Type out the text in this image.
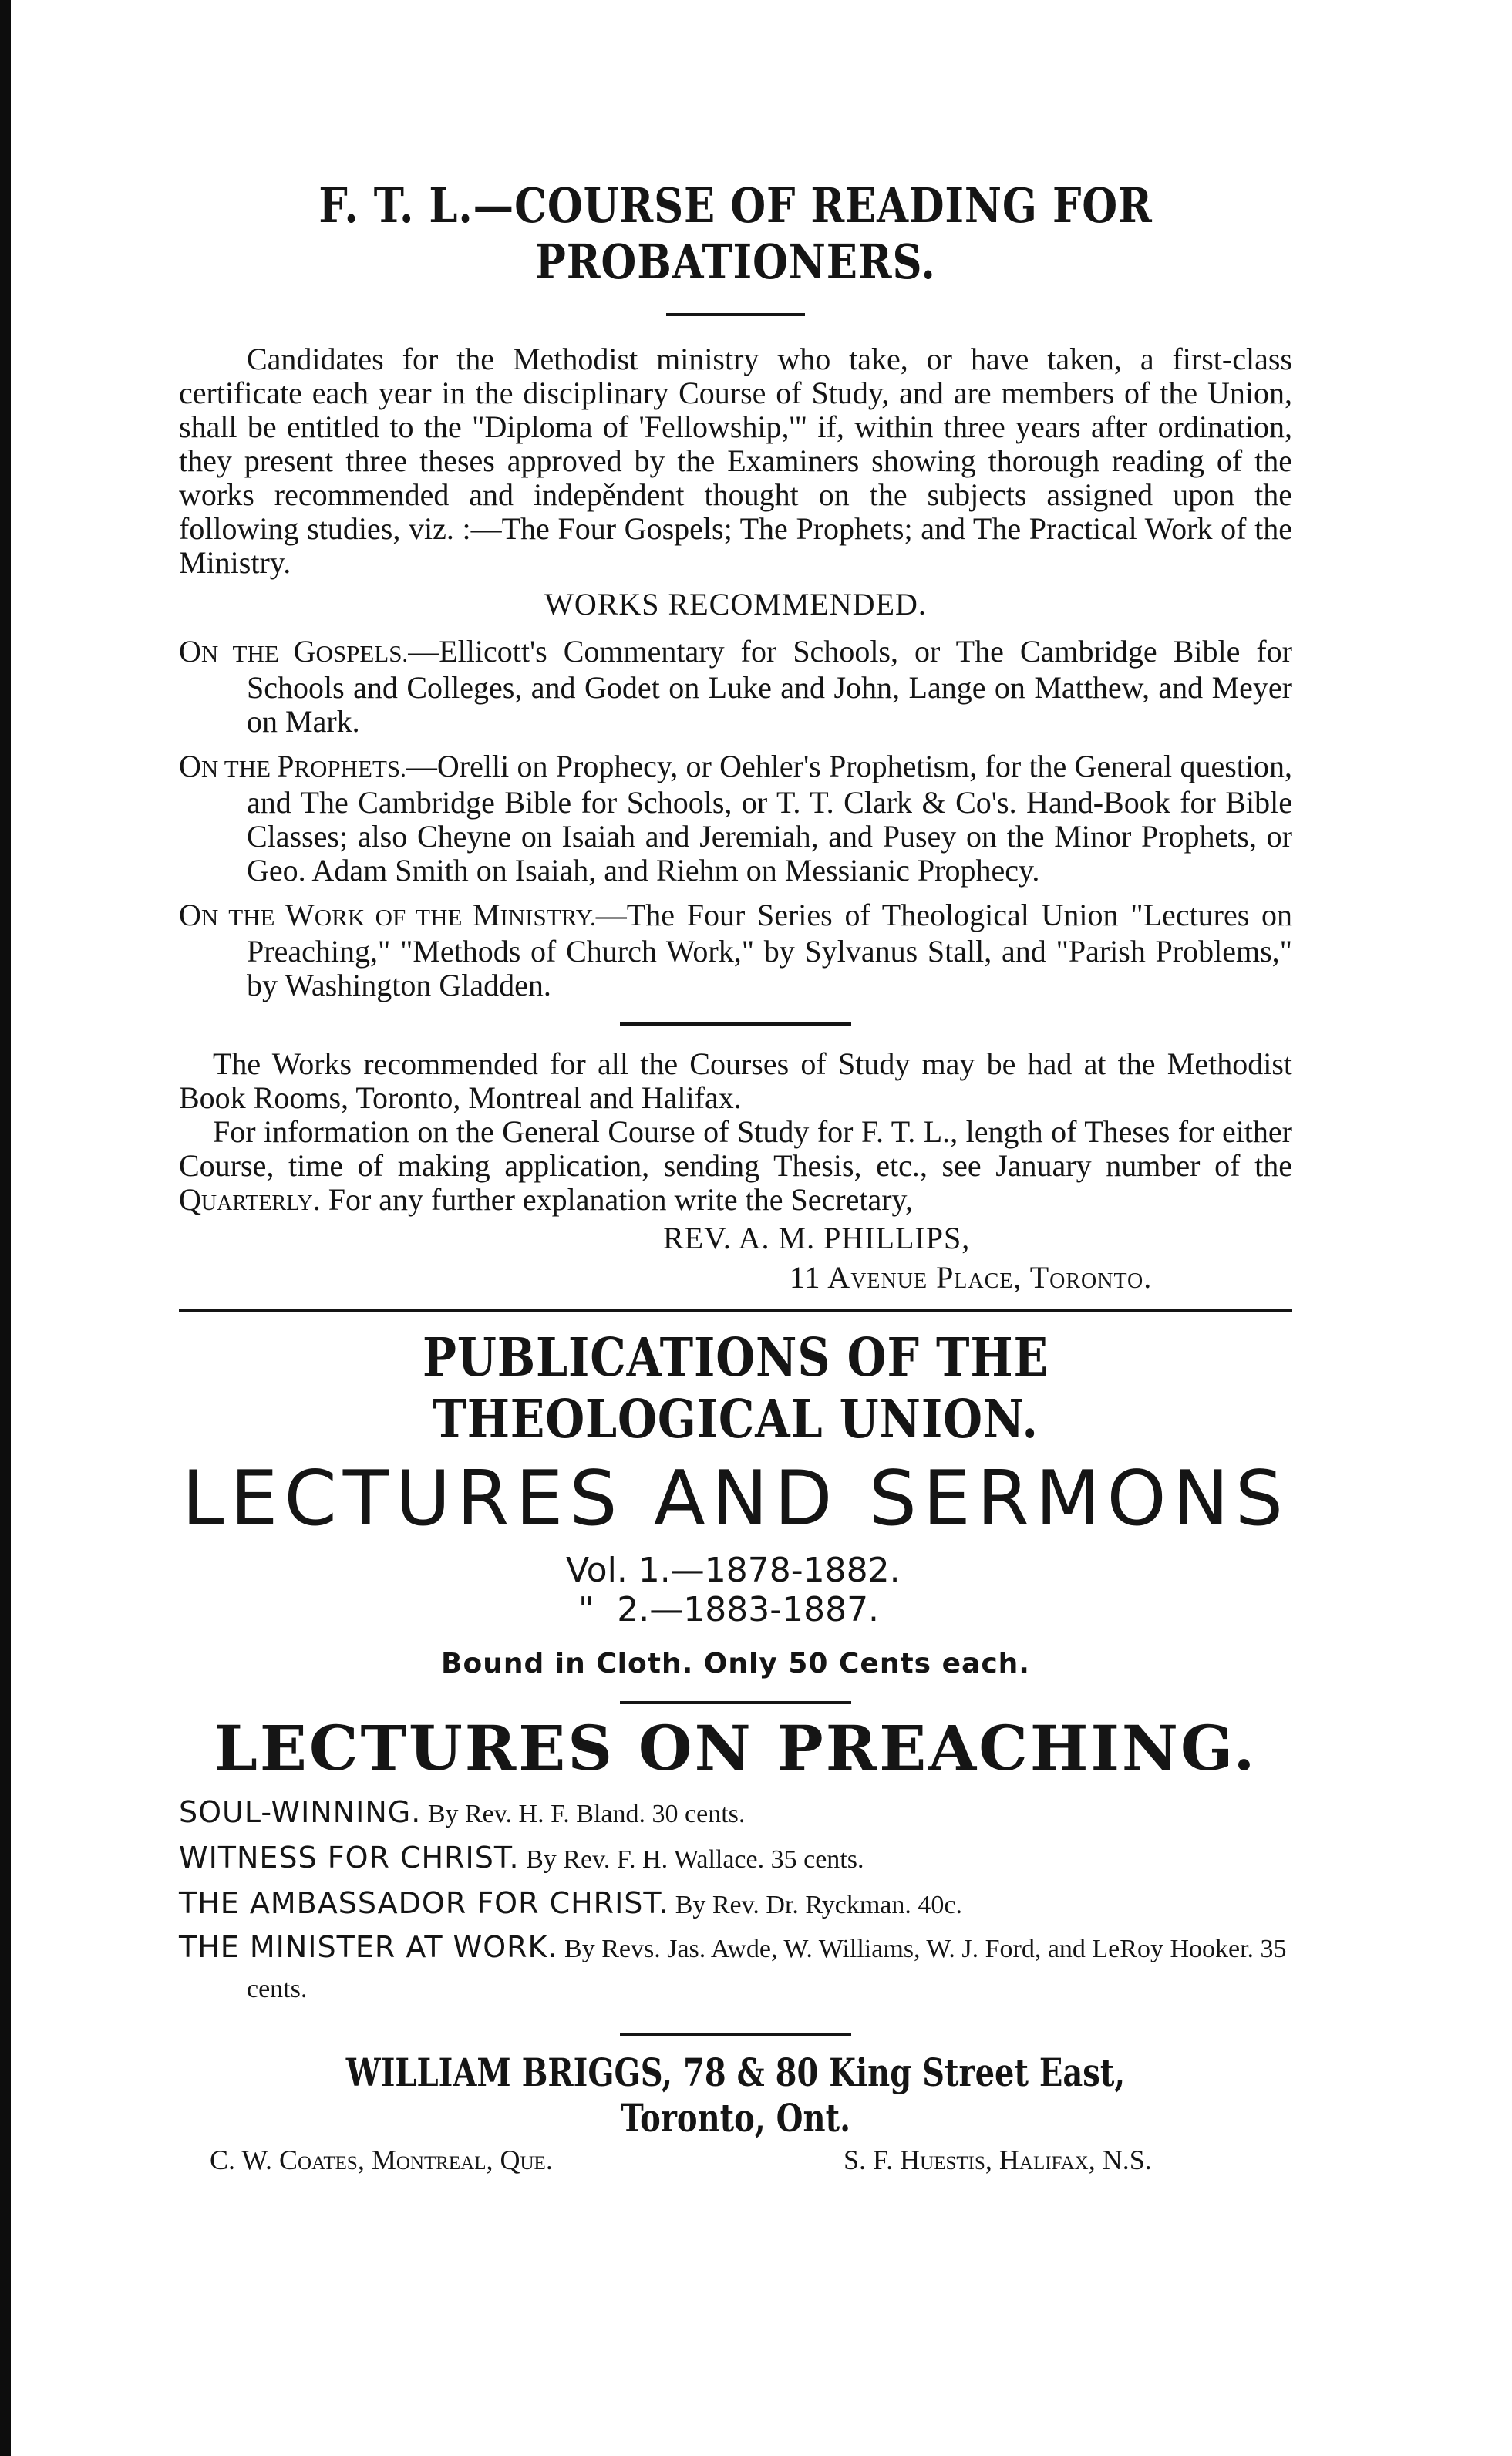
F. T. L.—COURSE OF READING FOR PROBATIONERS.

Candidates for the Methodist ministry who take, or have taken, a first-class certificate each year in the disciplinary Course of Study, and are members of the Union, shall be entitled to the "Diploma of 'Fellowship,'" if, within three years after ordination, they present three theses approved by the Examiners showing thorough reading of the works recommended and indepěndent thought on the subjects assigned upon the following studies, viz. :—The Four Gospels; The Prophets; and The Practical Work of the Ministry.

WORKS RECOMMENDED.

ON THE GOSPELS.—Ellicott's Commentary for Schools, or The Cambridge Bible for Schools and Colleges, and Godet on Luke and John, Lange on Matthew, and Meyer on Mark.

ON THE PROPHETS.—Orelli on Prophecy, or Oehler's Prophetism, for the General question, and The Cambridge Bible for Schools, or T. T. Clark & Co's. Hand-Book for Bible Classes; also Cheyne on Isaiah and Jeremiah, and Pusey on the Minor Prophets, or Geo. Adam Smith on Isaiah, and Riehm on Messianic Prophecy.

ON THE WORK OF THE MINISTRY.—The Four Series of Theological Union "Lectures on Preaching," "Methods of Church Work," by Sylvanus Stall, and "Parish Problems," by Washington Gladden.

The Works recommended for all the Courses of Study may be had at the Methodist Book Rooms, Toronto, Montreal and Halifax.

For information on the General Course of Study for F. T. L., length of Theses for either Course, time of making application, sending Thesis, etc., see January number of the Quarterly. For any further explanation write the Secretary,

REV. A. M. PHILLIPS,

11 Avenue Place, Toronto.

PUBLICATIONS OF THE THEOLOGICAL UNION.
LECTURES AND SERMONS

Vol. 1.—1878-1882.

" 2.—1883-1887.

Bound in Cloth. Only 50 Cents each.

LECTURES ON PREACHING.

SOUL-WINNING. By Rev. H. F. Bland. 30 cents.

WITNESS FOR CHRIST. By Rev. F. H. Wallace. 35 cents.

THE AMBASSADOR FOR CHRIST. By Rev. Dr. Ryckman. 40c.

THE MINISTER AT WORK. By Revs. Jas. Awde, W. Williams, W. J. Ford, and LeRoy Hooker. 35 cents.

WILLIAM BRIGGS, 78 & 80 King Street East, Toronto, Ont.

C. W. Coates, Montreal, Que.	S. F. Huestis, Halifax, N.S.
